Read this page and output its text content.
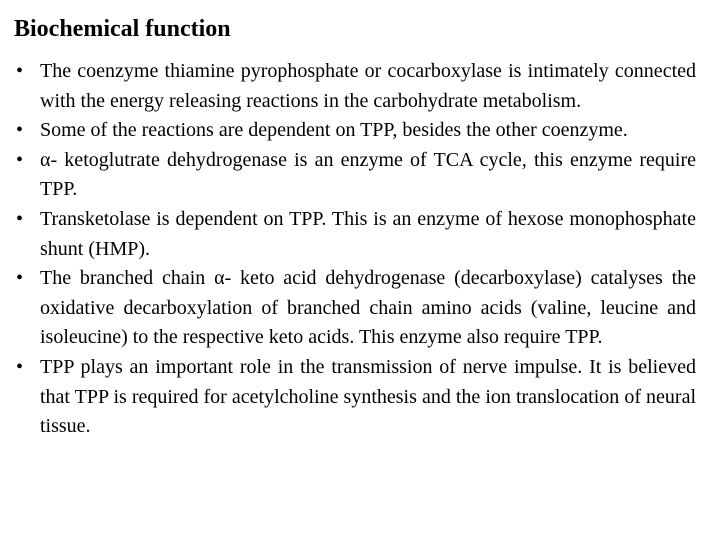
Biochemical function
• The coenzyme thiamine pyrophosphate or cocarboxylase is intimately connected with the energy releasing reactions in the carbohydrate metabolism.
• Some of the reactions are dependent on TPP, besides the other coenzyme.
• α- ketoglutrate dehydrogenase is an enzyme of TCA cycle, this enzyme require TPP.
• Transketolase is dependent on TPP. This is an enzyme of hexose monophosphate shunt (HMP).
• The branched chain α- keto acid dehydrogenase (decarboxylase) catalyses the oxidative decarboxylation of branched chain amino acids (valine, leucine and isoleucine) to the respective keto acids. This enzyme also require TPP.
• TPP plays an important role in the transmission of nerve impulse. It is believed that TPP is required for acetylcholine synthesis and the ion translocation of neural tissue.
